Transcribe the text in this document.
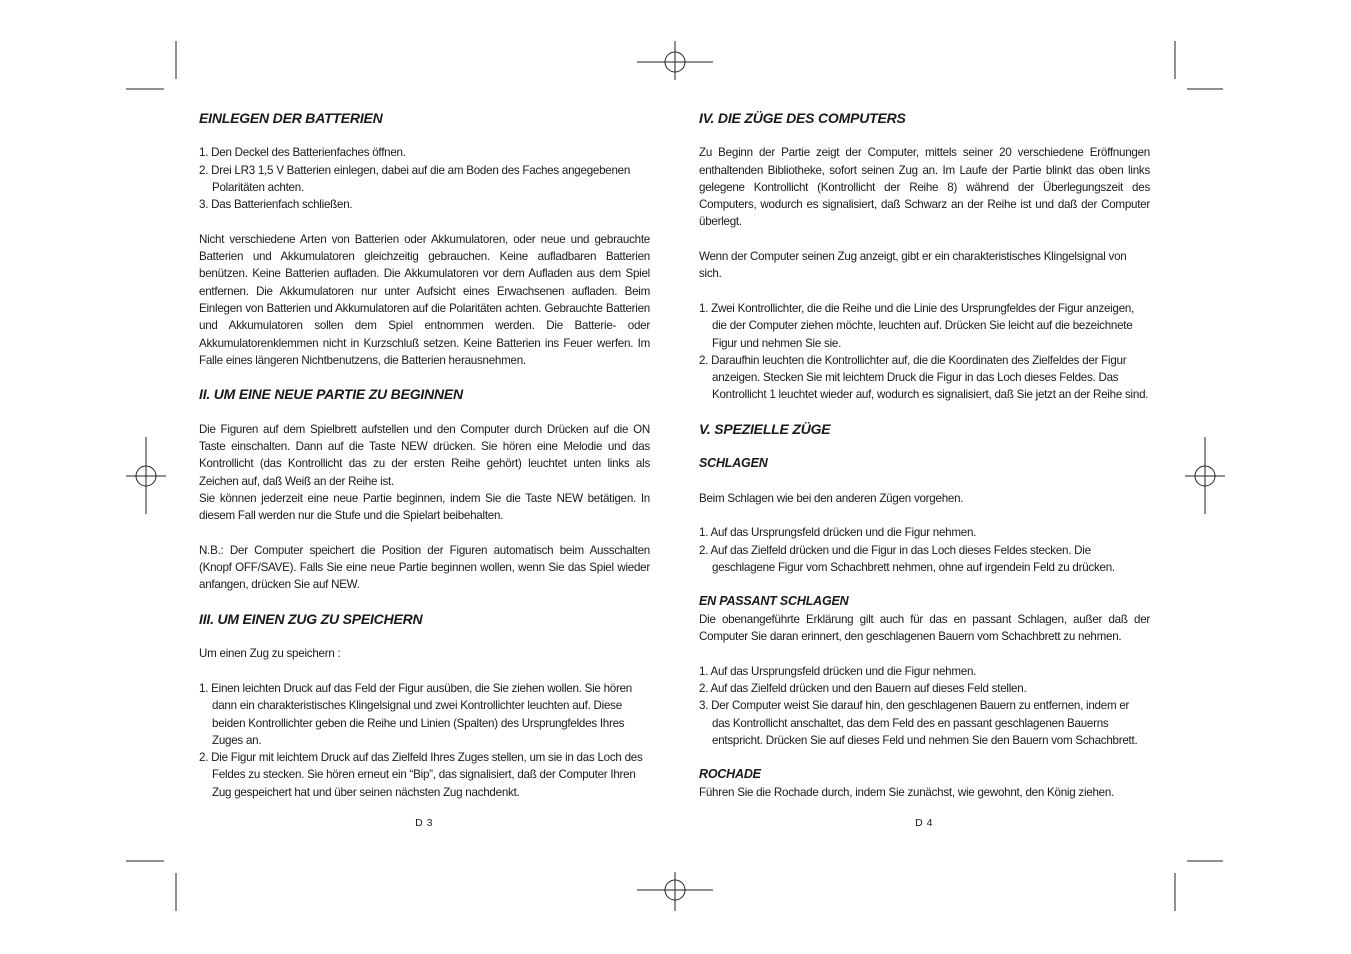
EINLEGEN DER BATTERIEN
1. Den Deckel des Batterienfaches öffnen.
2. Drei LR3 1,5 V Batterien einlegen, dabei auf die am Boden des Faches angegebenen Polaritäten achten.
3. Das Batterienfach schließen.

Nicht verschiedene Arten von Batterien oder Akkumulatoren, oder neue und gebrauchte Batterien und Akkumulatoren gleichzeitig gebrauchen. Keine aufladbaren Batterien benützen. Keine Batterien aufladen. Die Akkumulatoren vor dem Aufladen aus dem Spiel entfernen. Die Akkumulatoren nur unter Aufsicht eines Erwachsenen aufladen. Beim Einlegen von Batterien und Akkumulatoren auf die Polaritäten achten. Gebrauchte Batterien und Akkumulatoren sollen dem Spiel entnommen werden. Die Batterie- oder Akkumulatorenklemmen nicht in Kurzschluß setzen. Keine Batterien ins Feuer werfen. Im Falle eines längeren Nichtbenutzens, die Batterien herausnehmen.

II. UM EINE NEUE PARTIE ZU BEGINNEN

Die Figuren auf dem Spielbrett aufstellen und den Computer durch Drücken auf die ON Taste einschalten. Dann auf die Taste NEW drücken. Sie hören eine Melodie und das Kontrollicht (das Kontrollicht das zu der ersten Reihe gehört) leuchtet unten links als Zeichen auf, daß Weiß an der Reihe ist.

Sie können jederzeit eine neue Partie beginnen, indem Sie die Taste NEW betätigen. In diesem Fall werden nur die Stufe und die Spielart beibehalten.

N.B.: Der Computer speichert die Position der Figuren automatisch beim Ausschalten (Knopf OFF/SAVE). Falls Sie eine neue Partie beginnen wollen, wenn Sie das Spiel wieder anfangen, drücken Sie auf NEW.

III. UM EINEN ZUG ZU SPEICHERN

Um einen Zug zu speichern :

1. Einen leichten Druck auf das Feld der Figur ausüben, die Sie ziehen wollen. Sie hören dann ein charakteristisches Klingelsignal und zwei Kontrollichter leuchten auf. Diese beiden Kontrollichter geben die Reihe und Linien (Spalten) des Ursprungfeldes Ihres Zuges an.
2. Die Figur mit leichtem Druck auf das Zielfeld Ihres Zuges stellen, um sie in das Loch des Feldes zu stecken. Sie hören erneut ein “Bip”, das signalisiert, daß der Computer Ihren Zug gespeichert hat und über seinen nächsten Zug nachdenkt.
D 3
IV. DIE ZÜGE DES COMPUTERS

Zu Beginn der Partie zeigt der Computer, mittels seiner 20 verschiedene Eröffnungen enthaltenden Bibliotheke, sofort seinen Zug an. Im Laufe der Partie blinkt das oben links gelegene Kontrollicht (Kontrollicht der Reihe 8) während der Überlegungszeit des Computers, wodurch es signalisiert, daß Schwarz an der Reihe ist und daß der Computer überlegt.

Wenn der Computer seinen Zug anzeigt, gibt er ein charakteristisches Klingelsignal von sich.

1. Zwei Kontrollichter, die die Reihe und die Linie des Ursprungfeldes der Figur anzeigen, die der Computer ziehen möchte, leuchten auf. Drücken Sie leicht auf die bezeichnete Figur und nehmen Sie sie.
2. Daraufhin leuchten die Kontrollichter auf, die die Koordinaten des Zielfeldes der Figur anzeigen. Stecken Sie mit leichtem Druck die Figur in das Loch dieses Feldes. Das Kontrollicht 1 leuchtet wieder auf, wodurch es signalisiert, daß Sie jetzt an der Reihe sind.
V. SPEZIELLE ZÜGE
SCHLAGEN

Beim Schlagen wie bei den anderen Zügen vorgehen.

1. Auf das Ursprungsfeld drücken und die Figur nehmen.
2. Auf das Zielfeld drücken und die Figur in das Loch dieses Feldes stecken. Die geschlagene Figur vom Schachbrett nehmen, ohne auf irgendein Feld zu drücken.
EN PASSANT SCHLAGEN

Die obenangeführte Erklärung gilt auch für das en passant Schlagen, außer daß der Computer Sie daran erinnert, den geschlagenen Bauern vom Schachbrett zu nehmen.

1. Auf das Ursprungsfeld drücken und die Figur nehmen.
2. Auf das Zielfeld drücken und den Bauern auf dieses Feld stellen.
3. Der Computer weist Sie darauf hin, den geschlagenen Bauern zu entfernen, indem er das Kontrollicht anschaltet, das dem Feld des en passant geschlagenen Bauerns entspricht. Drücken Sie auf dieses Feld und nehmen Sie den Bauern vom Schachbrett.
ROCHADE

Führen Sie die Rochade durch, indem Sie zunächst, wie gewohnt, den König ziehen.

D 4
